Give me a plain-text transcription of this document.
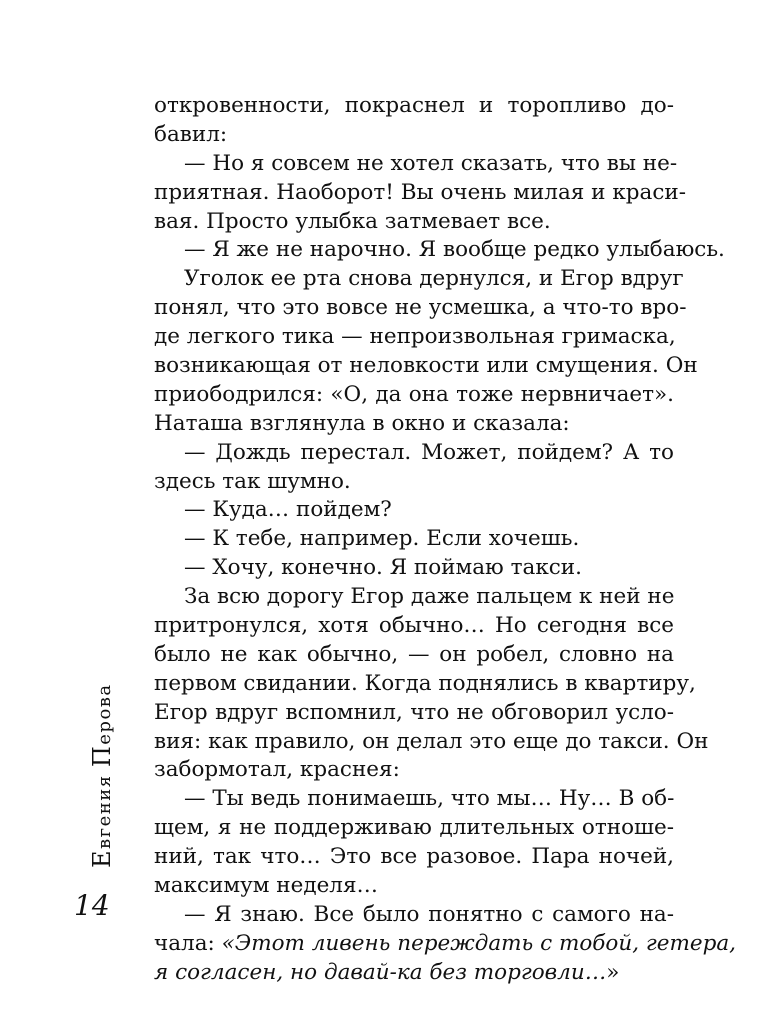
Евгения Перова
14
откровенности, покраснел и торопливо до-
бавил:
— Но я совсем не хотел сказать, что вы не-
приятная. Наоборот! Вы очень милая и краси-
вая. Просто улыбка затмевает все.
— Я же не нарочно. Я вообще редко улыбаюсь.
Уголок ее рта снова дернулся, и Егор вдруг
понял, что это вовсе не усмешка, а что-то вро-
де легкого тика — непроизвольная гримаска,
возникающая от неловкости или смущения. Он
приободрился: «О, да она тоже нервничает».
Наташа взглянула в окно и сказала:
— Дождь перестал. Может, пойдем? А то
здесь так шумно.
— Куда… пойдем?
— К тебе, например. Если хочешь.
— Хочу, конечно. Я поймаю такси.
За всю дорогу Егор даже пальцем к ней не
притронулся, хотя обычно… Но сегодня все
было не как обычно, — он робел, словно на
первом свидании. Когда поднялись в квартиру,
Егор вдруг вспомнил, что не обговорил усло-
вия: как правило, он делал это еще до такси. Он
забормотал, краснея:
— Ты ведь понимаешь, что мы… Ну… В об-
щем, я не поддерживаю длительных отноше-
ний, так что… Это все разовое. Пара ночей,
максимум неделя…
— Я знаю. Все было понятно с самого на-
чала: «Этот ливень переждать с тобой, гетера,
я согласен, но давай-ка без торговли…»
